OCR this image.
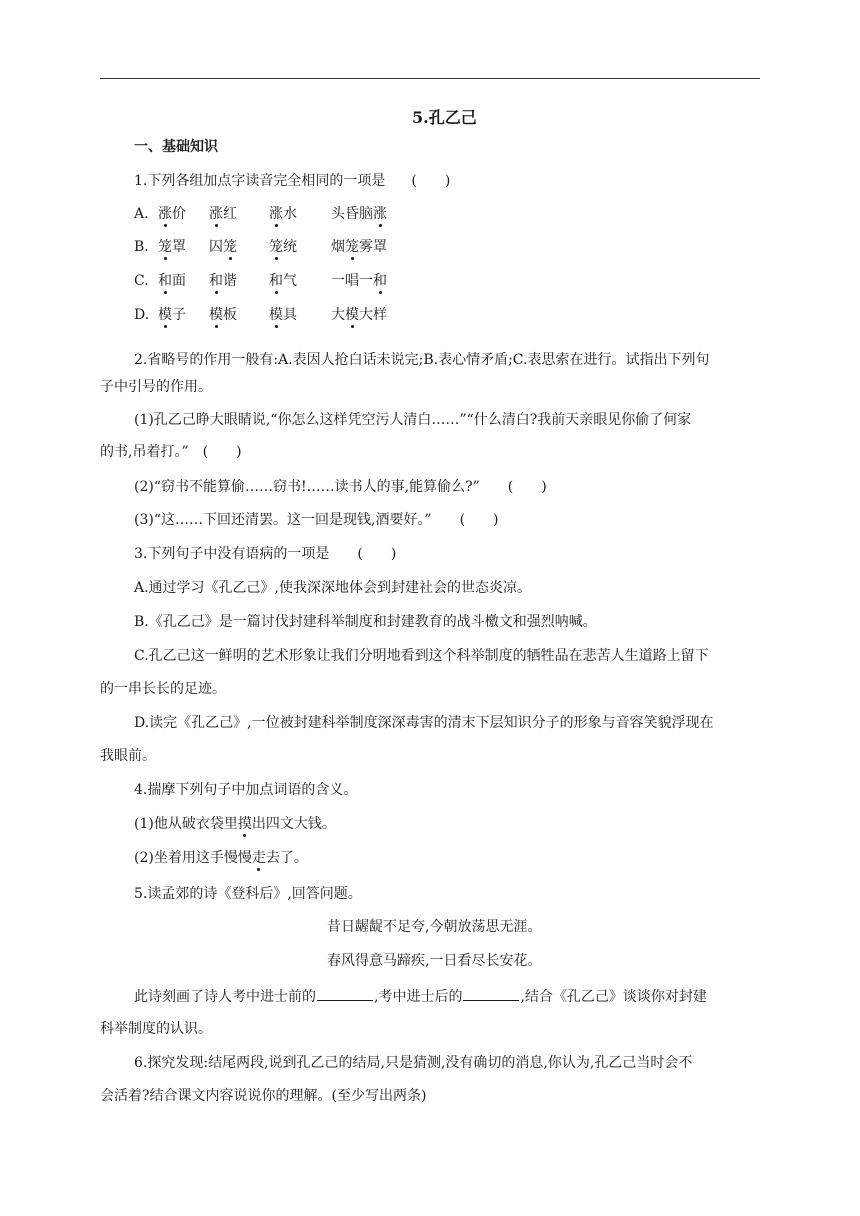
5.孔乙己
一、基础知识
1.下列各组加点字读音完全相同的一项是 (　　)
A. 涨价 涨红 涨水 头昏脑涨
B. 笼罩 囚笼 笼统 烟笼雾罩
C. 和面 和谐 和气 一唱一和
D. 模子 模板 模具 大模大样
2.省略号的作用一般有:A.表因人抢白话未说完;B.表心情矛盾;C.表思索在进行。试指出下列句
子中引号的作用。
(1)孔乙己睁大眼睛说,“你怎么这样凭空污人清白……”“什么清白?我前天亲眼见你偷了何家
的书,吊着打。”　(　　)
(2)“窃书不能算偷……窃书!……读书人的事,能算偷么?”　　(　　)
(3)“这……下回还清罢。这一回是现钱,酒要好。”　　(　　)
3.下列句子中没有语病的一项是　　(　　)
A.通过学习《孔乙己》,使我深深地体会到封建社会的世态炎凉。
B.《孔乙己》是一篇讨伐封建科举制度和封建教育的战斗檄文和强烈呐喊。
C.孔乙己这一鲜明的艺术形象让我们分明地看到这个科举制度的牺牲品在悲苦人生道路上留下
的一串长长的足迹。
D.读完《孔乙己》,一位被封建科举制度深深毒害的清末下层知识分子的形象与音容笑貌浮现在
我眼前。
4.揣摩下列句子中加点词语的含义。
(1)他从破衣袋里摸出四文大钱。
(2)坐着用这手慢慢走去了。
5.读孟郊的诗《登科后》,回答问题。
昔日龌龊不足夸,今朝放荡思无涯。
春风得意马蹄疾,一日看尽长安花。
此诗刻画了诗人考中进士前的	,考中进士后的	,结合《孔乙己》谈谈你对封建
科举制度的认识。
6.探究发现:结尾两段,说到孔乙己的结局,只是猜测,没有确切的消息,你认为,孔乙己当时会不
会活着?结合课文内容说说你的理解。(至少写出两条)
